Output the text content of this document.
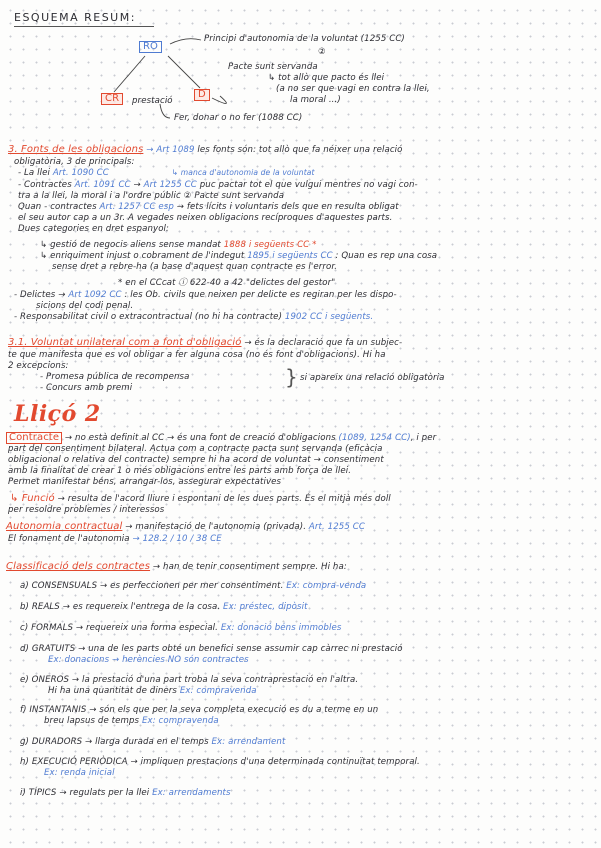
ESQUEMA RESUM:
RO
CR	D
prestació
Principi d'autonomia de la voluntat (1255 CC)
②
Pacte sunt servanda
↳ tot allò que pacto és llei
(a no ser que vagi en contra la llei,
la moral ...)
Fer, donar o no fer (1088 CC)
3. Fonts de les obligacions → Art 1089 les fonts són: tot allò que fa néixer una relació
obligatòria, 3 de principals:
- La llei Art. 1090 CC	↳ manca d'autonomia de la voluntat
- Contractes Art. 1091 CC → Art 1255 CC puc pactar tot el que vulgui mentres no vagi con-
tra a la llei, la moral i a l'ordre públic ② Pacte sunt servanda
Quan - contractes Art. 1257 CC esp → fets lícits i voluntaris dels que en resulta obligat
el seu autor cap a un 3r. A vegades neixen obligacions recíproques d'aquestes parts.
Dues categories en dret espanyol:
↳ gestió de negocis aliens sense mandat 1888 i següents CC *
↳ enriquiment injust o cobrament de l'indegut 1895 i següents CC : Quan es rep una cosa
sense dret a rebre-ha (a base d'aquest quan contracte es l'error.
* en el CCcat ⓘ 622-40 a 42 "delictes del gestor"
- Delictes → Art 1092 CC : les Ob. civils que neixen per delicte es regiran per les dispo-
sicions del codi penal.
- Responsabilitat civil o extracontractual (no hi ha contracte) 1902 CC i següents.
3.1. Voluntat unilateral com a font d'obligació → és la declaració que fa un subjec-
te que manifesta que es vol obligar a fer alguna cosa (no és font d'obligacions). Hi ha
2 excepcions:
- Promesa pública de recompensa
- Concurs amb premi	} si apareix una relació obligatòria
Lliçó 2
Contracte → no està definit al CC → és una font de creació d'obligacions (1089, 1254 CC), i per
part del consentiment bilateral. Actua com a contracte pacta sunt servanda (eficàcia
obligacional o relativa del contracte) sempre hi ha acord de voluntat → consentiment
amb la finalitat de crear 1 o més obligacions entre les parts amb força de llei.
Permet manifestar béns, arrangar-los, assegurar expectatives
↳ Funció → resulta de l'acord lliure i espontani de les dues parts. És el mitjà més doll
per resoldre problemes / interessos
Autonomia contractual → manifestació de l'autonomia (privada). Art. 1255 CC
El fonament de l'autonomia → 128.2 / 10 / 38 CE
Classificació dels contractes → han de tenir consentiment sempre. Hi ha:
a) CONSENSUALS → es perfeccionen per mer consentiment. Ex: compra-venda
b) REALS → es requereix l'entrega de la cosa. Ex: préstec, dipòsit
c) FORMALS → requereix una forma especial. Ex: donació béns immobles
d) GRATUITS → una de les parts obté un benefici sense assumir cap càrrec ni prestació
Ex: donacions → herències NO són contractes
e) ONEROS → la prestació d'una part troba la seva contraprestació en l'altra.
Hi ha una quantitat de diners Ex: compravenda
f) INSTANTANIS → són els que per la seva completa execució es du a terme en un
breu lapsus de temps Ex: compravenda
g) DURADORS → llarga durada en el temps Ex: arrendament
h) EXECUCIÓ PERIÒDICA → impliquen prestacions d'una determinada continuïtat temporal.
Ex: renda inicial
i) TÍPICS → regulats per la llei Ex: arrendaments
